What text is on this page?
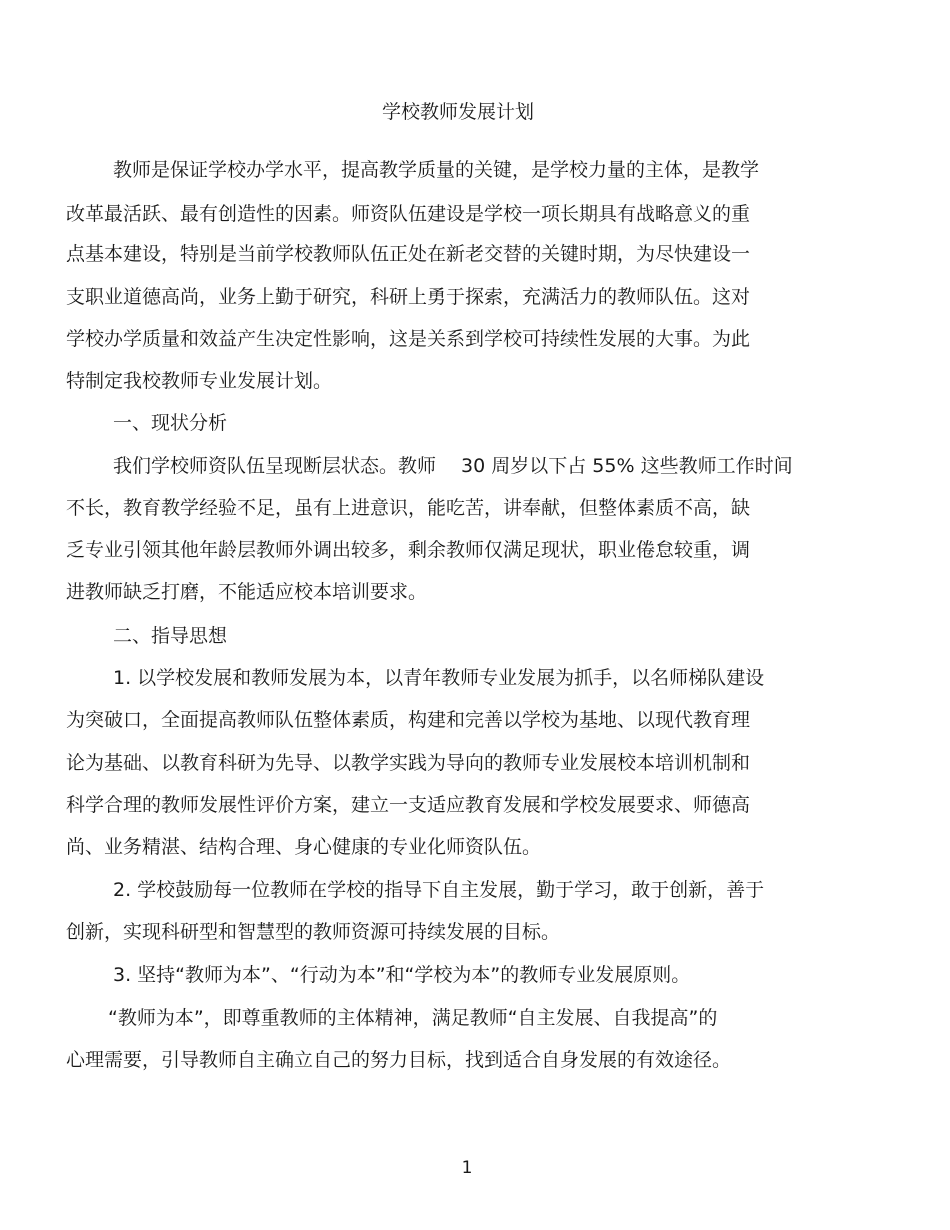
学校教师发展计划
教师是保证学校办学水平，提高教学质量的关键，是学校力量的主体，是教学
改革最活跃、最有创造性的因素。师资队伍建设是学校一项长期具有战略意义的重
点基本建设，特别是当前学校教师队伍正处在新老交替的关键时期，为尽快建设一
支职业道德高尚，业务上勤于研究，科研上勇于探索，充满活力的教师队伍。这对
学校办学质量和效益产生决定性影响，这是关系到学校可持续性发展的大事。为此
特制定我校教师专业发展计划。
一、现状分析
我们学校师资队伍呈现断层状态。教师　 30 周岁以下占 55% 这些教师工作时间
不长，教育教学经验不足，虽有上进意识，能吃苦，讲奉献，但整体素质不高，缺
乏专业引领其他年龄层教师外调出较多，剩余教师仅满足现状，职业倦怠较重，调
进教师缺乏打磨，不能适应校本培训要求。
二、指导思想
1. 以学校发展和教师发展为本，以青年教师专业发展为抓手，以名师梯队建设
为突破口，全面提高教师队伍整体素质，构建和完善以学校为基地、以现代教育理
论为基础、以教育科研为先导、以教学实践为导向的教师专业发展校本培训机制和
科学合理的教师发展性评价方案，建立一支适应教育发展和学校发展要求、师德高
尚、业务精湛、结构合理、身心健康的专业化师资队伍。
2. 学校鼓励每一位教师在学校的指导下自主发展，勤于学习，敢于创新，善于
创新，实现科研型和智慧型的教师资源可持续发展的目标。
3. 坚持“教师为本”、“行动为本”和“学校为本”的教师专业发展原则。
“教师为本”，即尊重教师的主体精神，满足教师“自主发展、自我提高”的
心理需要，引导教师自主确立自己的努力目标，找到适合自身发展的有效途径。
1
